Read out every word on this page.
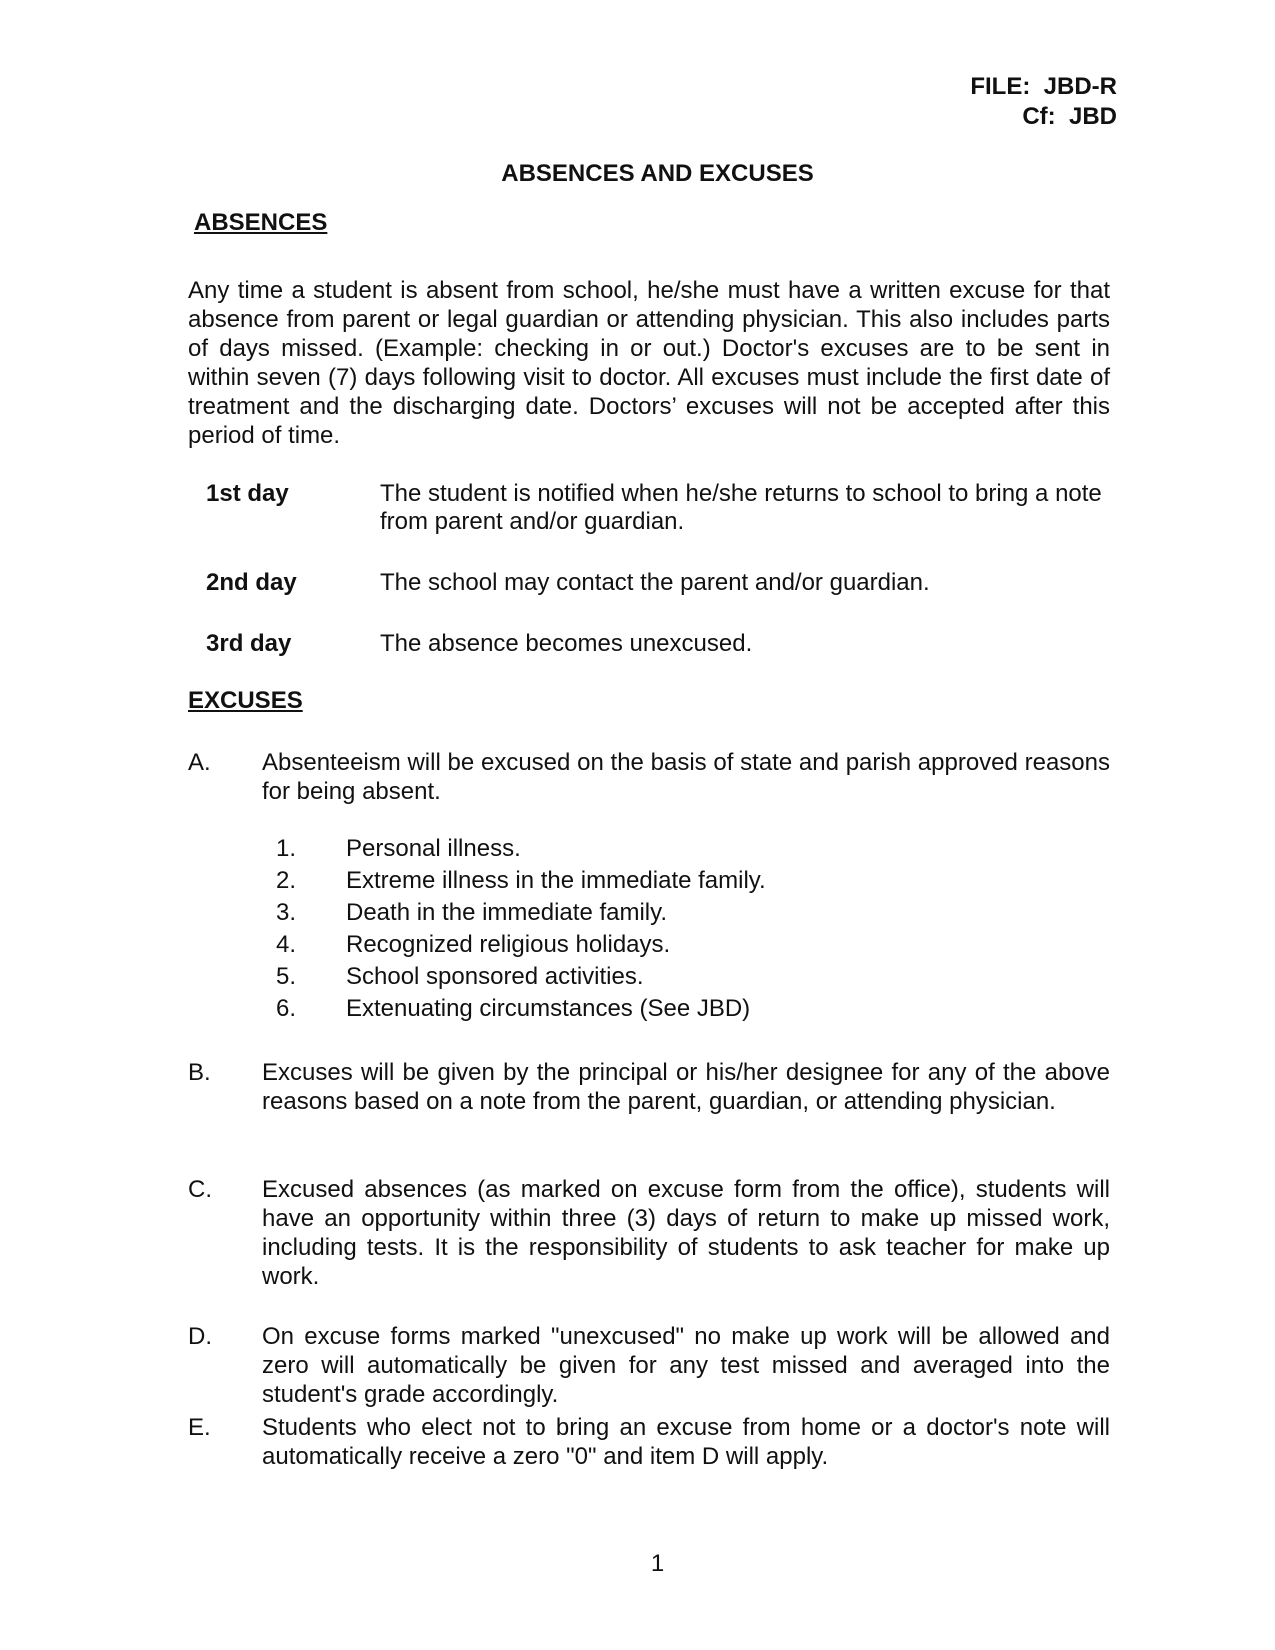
FILE:  JBD-R
Cf:  JBD
ABSENCES AND EXCUSES
ABSENCES
Any time a student is absent from school, he/she must have a written excuse for that absence from parent or legal guardian or attending physician. This also includes parts of days missed. (Example: checking in or out.) Doctor's excuses are to be sent in within seven (7) days following visit to doctor. All excuses must include the first date of treatment and the discharging date. Doctors’ excuses will not be accepted after this period of time.
1st day	The student is notified when he/she returns to school to bring a note   from parent and/or guardian.
2nd day	The school may contact the parent and/or guardian.
3rd day	The absence becomes unexcused.
EXCUSES
A. Absenteeism will be excused on the basis of state and parish approved reasons for being absent.
1. Personal illness.
2. Extreme illness in the immediate family.
3. Death in the immediate family.
4. Recognized religious holidays.
5. School sponsored activities.
6. Extenuating circumstances (See JBD)
B. Excuses will be given by the principal or his/her designee for any of the above reasons based on a note from the parent, guardian, or attending physician.
C. Excused absences (as marked on excuse form from the office), students will have an opportunity within three (3) days of return to make up missed work, including tests. It is the responsibility of students to ask teacher for make up work.
D. On excuse forms marked "unexcused" no make up work will be allowed and zero will automatically be given for any test missed and averaged into the student's grade accordingly.
E. Students who elect not to bring an excuse from home or a doctor's note will automatically receive a zero "0" and item D will apply.
1
